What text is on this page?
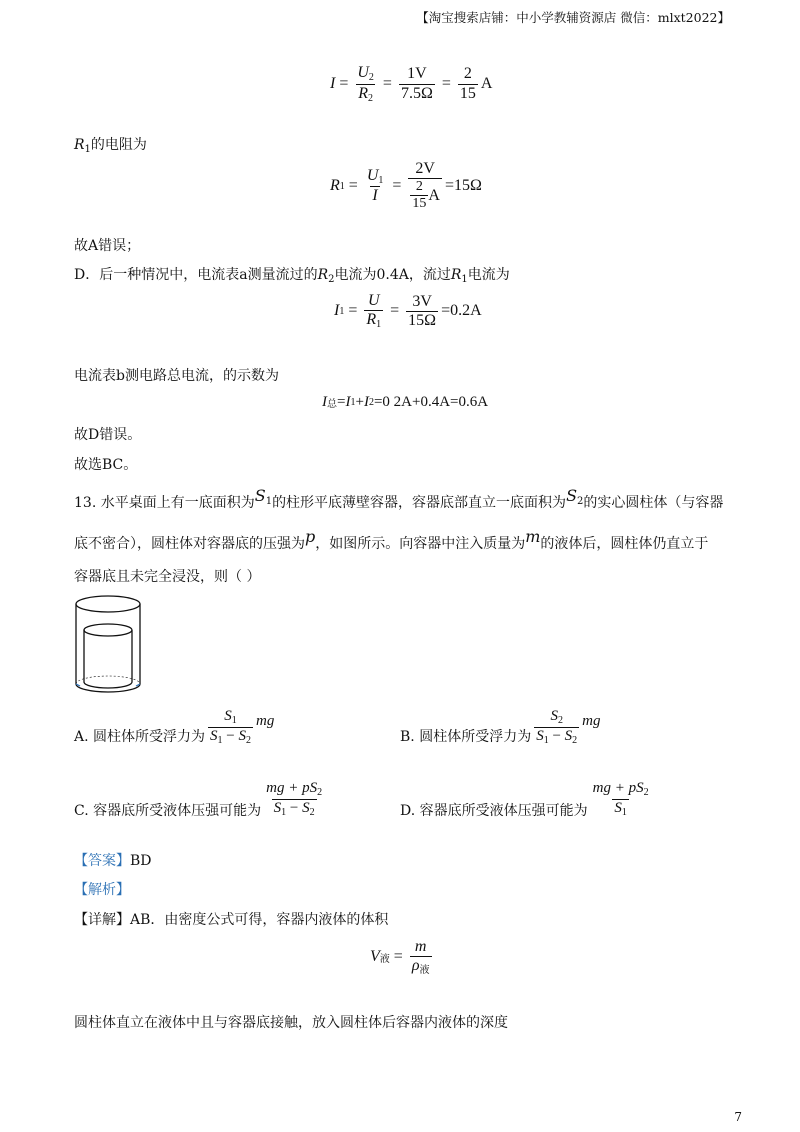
【淘宝搜索店铺：中小学教辅资源店 微信：mlxt2022】
$I = \frac{U_2}{R_2} = \frac{1V}{7.5\Omega} = \frac{2}{15}$ A
$R_1$的电阻为
R $1 = \frac{U_1}{I} = \frac{2V}{\frac{2}{15} A} =15\Omega$
故A错误；
D．后一种情况中，电流表a测量流过的$R_2$电流为0.4A，流过$R_1$电流为
I $1 = \frac{U}{R_1} = \frac{3V}{15\Omega} =0.2A$
电流表b测电路总电流，的示数为
I 总 = I 1 + I 2 =0 2A+0.4A=0.6A
故D错误。
故选BC。
13. 水平桌面上有一底面积为$S_1$的柱形平底薄壁容器，容器底部直立一底面积为$S_2$的实心圆柱体（与容器
底不密合），圆柱体对容器底的压强为p，如图所示。向容器中注入质量为m的液体后，圆柱体仍直立于
容器底且未完全浸没，则（ ）
A. 圆柱体所受浮力为 $\frac{S_1}{S_1 - S_2}$ mg
B. 圆柱体所受浮力为 $\frac{S_2}{S_1 - S_2}$ mg
C. 容器底所受液体压强可能为 $\frac{mg + pS_2}{S_1 - S_2}$	D. 容器底所受液体压强可能为 $\frac{mg + pS_2}{S_1}$
【答案】BD
【解析】
【详解】AB．由密度公式可得，容器内液体的体积
V 液 = $\frac{m}{\rho_液}$
圆柱体直立在液体中且与容器底接触，放入圆柱体后容器内液体的深度
7
